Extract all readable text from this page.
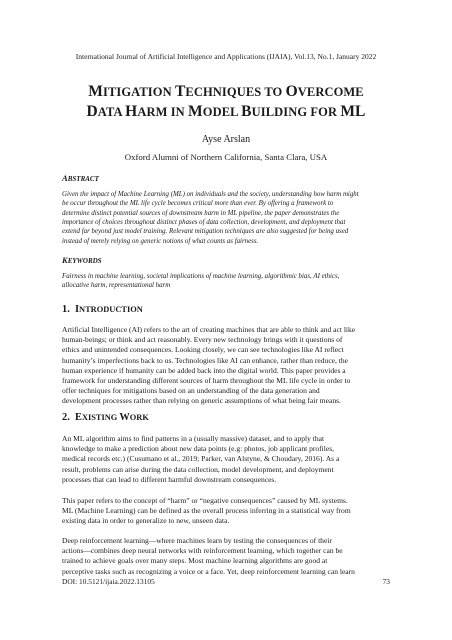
International Journal of Artificial Intelligence and Applications (IJAIA), Vol.13, No.1, January 2022
MITIGATION TECHNIQUES TO OVERCOME
DATA HARM IN MODEL BUILDING FOR ML
Ayse Arslan
Oxford Alumni of Northern California, Santa Clara, USA
ABSTRACT
Given the impact of Machine Learning (ML) on individuals and the society, understanding how harm might
be occur throughout the ML life cycle becomes critical more than ever. By offering a framework to
determine distinct potential sources of downstream harm in ML pipeline, the paper demonstrates the
importance of choices throughout distinct phases of data collection, development, and deployment that
extend far beyond just model training. Relevant mitigation techniques are also suggested for being used
instead of merely relying on generic notions of what counts as fairness.
KEYWORDS
Fairness in machine learning, societal implications of machine learning, algorithmic bias, AI ethics,
allocative harm, representational harm
1. INTRODUCTION
Artificial Intelligence (AI) refers to the art of creating machines that are able to think and act like
human-beings; or think and act reasonably. Every new technology brings with it questions of
ethics and unintended consequences. Looking closely, we can see technologies like AI reflect
humanity’s imperfections back to us. Technologies like AI can enhance, rather than reduce, the
human experience if humanity can be added back into the digital world. This paper provides a
framework for understanding different sources of harm throughout the ML life cycle in order to
offer techniques for mitigations based on an understanding of the data generation and
development processes rather than relying on generic assumptions of what being fair means.
2. EXISTING WORK
An ML algorithm aims to find patterns in a (usually massive) dataset, and to apply that
knowledge to make a prediction about new data points (e.g: photos, job applicant profiles,
medical records etc.) (Cusumano et al., 2019; Parker, van Alstyne, & Choudary, 2016). As a
result, problems can arise during the data collection, model development, and deployment
processes that can lead to different harmful downstream consequences.
This paper refers to the concept of “harm” or “negative consequences” caused by ML systems.
ML (Machine Learning) can be defined as the overall process inferring in a statistical way from
existing data in order to generalize to new, unseen data.
Deep reinforcement learning—where machines learn by testing the consequences of their
actions—combines deep neural networks with reinforcement learning, which together can be
trained to achieve goals over many steps. Most machine learning algorithms are good at
perceptive tasks such as recognizing a voice or a face. Yet, deep reinforcement learning can learn
DOI: 10.5121/ijaia.2022.13105	73
